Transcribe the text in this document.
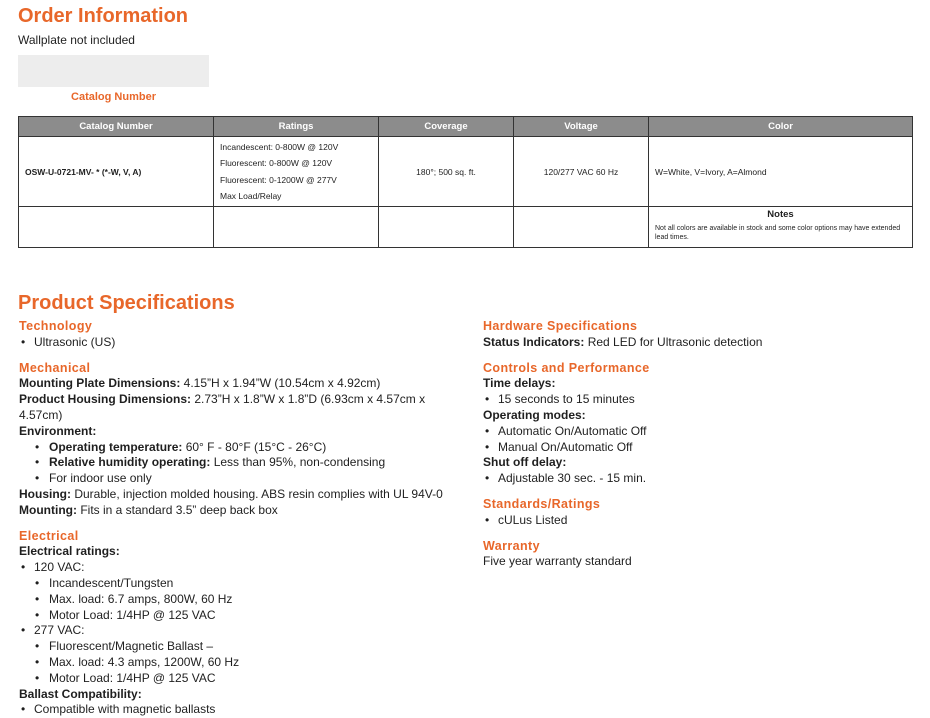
Order Information
Wallplate not included
Catalog Number
Catalog Number	Ratings	Coverage	Voltage	Color
OSW-U-0721-MV- * (*-W, V, A)	Incandescent: 0-800W @ 120V
Fluorescent: 0-800W @ 120V
Fluorescent: 0-1200W @ 277V
Max Load/Relay	180°; 500 sq. ft.	120/277 VAC 60 Hz	W=White, V=Ivory, A=Almond

				Notes
Not all colors are available in stock and some color options may have extended lead times.
Product Specifications
Technology
• Ultrasonic (US)
Mechanical
Mounting Plate Dimensions: 4.15”H x 1.94”W (10.54cm x 4.92cm)
Product Housing Dimensions: 2.73”H x 1.8”W x 1.8”D (6.93cm x 4.57cm x 4.57cm)
Environment:
• Operating temperature: 60° F - 80°F (15°C - 26°C)
• Relative humidity operating: Less than 95%, non-condensing
• For indoor use only
Housing: Durable, injection molded housing. ABS resin complies with UL 94V-0
Mounting: Fits in a standard 3.5” deep back box
Electrical
Electrical ratings:
• 120 VAC:
• Incandescent/Tungsten
• Max. load: 6.7 amps, 800W, 60 Hz
• Motor Load: 1/4HP @ 125 VAC
• 277 VAC:
• Fluorescent/Magnetic Ballast –
• Max. load: 4.3 amps, 1200W, 60 Hz
• Motor Load: 1/4HP @ 125 VAC
Ballast Compatibility:
• Compatible with magnetic ballasts
Hardware Specifications
Status Indicators: Red LED for Ultrasonic detection
Controls and Performance
Time delays:
• 15 seconds to 15 minutes
Operating modes:
• Automatic On/Automatic Off
• Manual On/Automatic Off
Shut off delay:
• Adjustable 30 sec. - 15 min.
Standards/Ratings
• cULus Listed
Warranty
Five year warranty standard
